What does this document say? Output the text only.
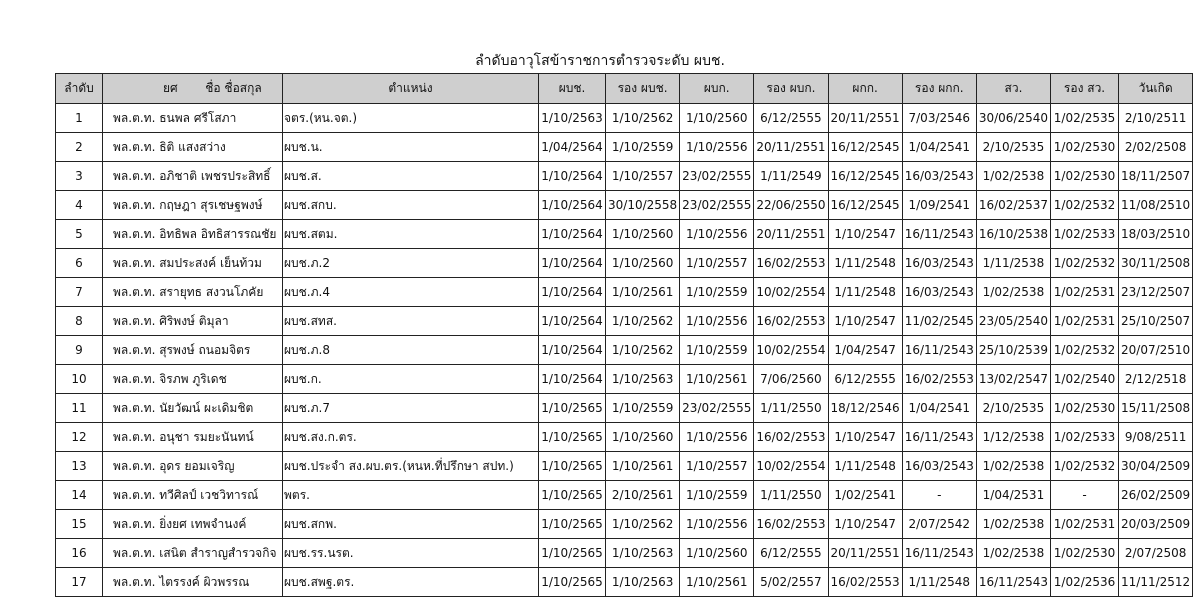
ลำดับอาวุโสข้าราชการตำรวจระดับ ผบช.
ลำดับ	ยศ ชื่อ ชื่อสกุล	ตำแหน่ง	ผบช.	รอง ผบช.	ผบก.	รอง ผบก.	ผกก.	รอง ผกก.	สว.	รอง สว.	วันเกิด
1	พล.ต.ท. ธนพล ศรีโสภา	จตร.(หน.จต.)	1/10/2563	1/10/2562	1/10/2560	6/12/2555	20/11/2551	7/03/2546	30/06/2540	1/02/2535	2/10/2511
2	พล.ต.ท. ธิติ แสงสว่าง	ผบช.น.	1/04/2564	1/10/2559	1/10/2556	20/11/2551	16/12/2545	1/04/2541	2/10/2535	1/02/2530	2/02/2508
3	พล.ต.ท. อภิชาติ เพชรประสิทธิ์	ผบช.ส.	1/10/2564	1/10/2557	23/02/2555	1/11/2549	16/12/2545	16/03/2543	1/02/2538	1/02/2530	18/11/2507
4	พล.ต.ท. กฤษฎา สุรเชษฐพงษ์	ผบช.สกบ.	1/10/2564	30/10/2558	23/02/2555	22/06/2550	16/12/2545	1/09/2541	16/02/2537	1/02/2532	11/08/2510
5	พล.ต.ท. อิทธิพล อิทธิสารรณชัย	ผบช.สตม.	1/10/2564	1/10/2560	1/10/2556	20/11/2551	1/10/2547	16/11/2543	16/10/2538	1/02/2533	18/03/2510
6	พล.ต.ท. สมประสงค์ เย็นท้วม	ผบช.ภ.2	1/10/2564	1/10/2560	1/10/2557	16/02/2553	1/11/2548	16/03/2543	1/11/2538	1/02/2532	30/11/2508
7	พล.ต.ท. สรายุทธ สงวนโภคัย	ผบช.ภ.4	1/10/2564	1/10/2561	1/10/2559	10/02/2554	1/11/2548	16/03/2543	1/02/2538	1/02/2531	23/12/2507
8	พล.ต.ท. ศิริพงษ์ ติมุลา	ผบช.สทส.	1/10/2564	1/10/2562	1/10/2556	16/02/2553	1/10/2547	11/02/2545	23/05/2540	1/02/2531	25/10/2507
9	พล.ต.ท. สุรพงษ์ ถนอมจิตร	ผบช.ภ.8	1/10/2564	1/10/2562	1/10/2559	10/02/2554	1/04/2547	16/11/2543	25/10/2539	1/02/2532	20/07/2510
10	พล.ต.ท. จิรภพ ภูริเดช	ผบช.ก.	1/10/2564	1/10/2563	1/10/2561	7/06/2560	6/12/2555	16/02/2553	13/02/2547	1/02/2540	2/12/2518
11	พล.ต.ท. นัยวัฒน์ ผะเดิมชิต	ผบช.ภ.7	1/10/2565	1/10/2559	23/02/2555	1/11/2550	18/12/2546	1/04/2541	2/10/2535	1/02/2530	15/11/2508
12	พล.ต.ท. อนุชา รมยะนันทน์	ผบช.สง.ก.ตร.	1/10/2565	1/10/2560	1/10/2556	16/02/2553	1/10/2547	16/11/2543	1/12/2538	1/02/2533	9/08/2511
13	พล.ต.ท. อุดร ยอมเจริญ	ผบช.ประจำ สง.ผบ.ตร.(หนห.ที่ปรึกษา สปท.)	1/10/2565	1/10/2561	1/10/2557	10/02/2554	1/11/2548	16/03/2543	1/02/2538	1/02/2532	30/04/2509
14	พล.ต.ท. ทวีศิลป์ เวชวิทารณ์	พตร.	1/10/2565	2/10/2561	1/10/2559	1/11/2550	1/02/2541	-	1/04/2531	-	26/02/2509
15	พล.ต.ท. ยิ่งยศ เทพจำนงค์	ผบช.สกพ.	1/10/2565	1/10/2562	1/10/2556	16/02/2553	1/10/2547	2/07/2542	1/02/2538	1/02/2531	20/03/2509
16	พล.ต.ท. เสนิต สำราญสำรวจกิจ	ผบช.รร.นรต.	1/10/2565	1/10/2563	1/10/2560	6/12/2555	20/11/2551	16/11/2543	1/02/2538	1/02/2530	2/07/2508
17	พล.ต.ท. ไตรรงค์ ผิวพรรณ	ผบช.สพฐ.ตร.	1/10/2565	1/10/2563	1/10/2561	5/02/2557	16/02/2553	1/11/2548	16/11/2543	1/02/2536	11/11/2512
